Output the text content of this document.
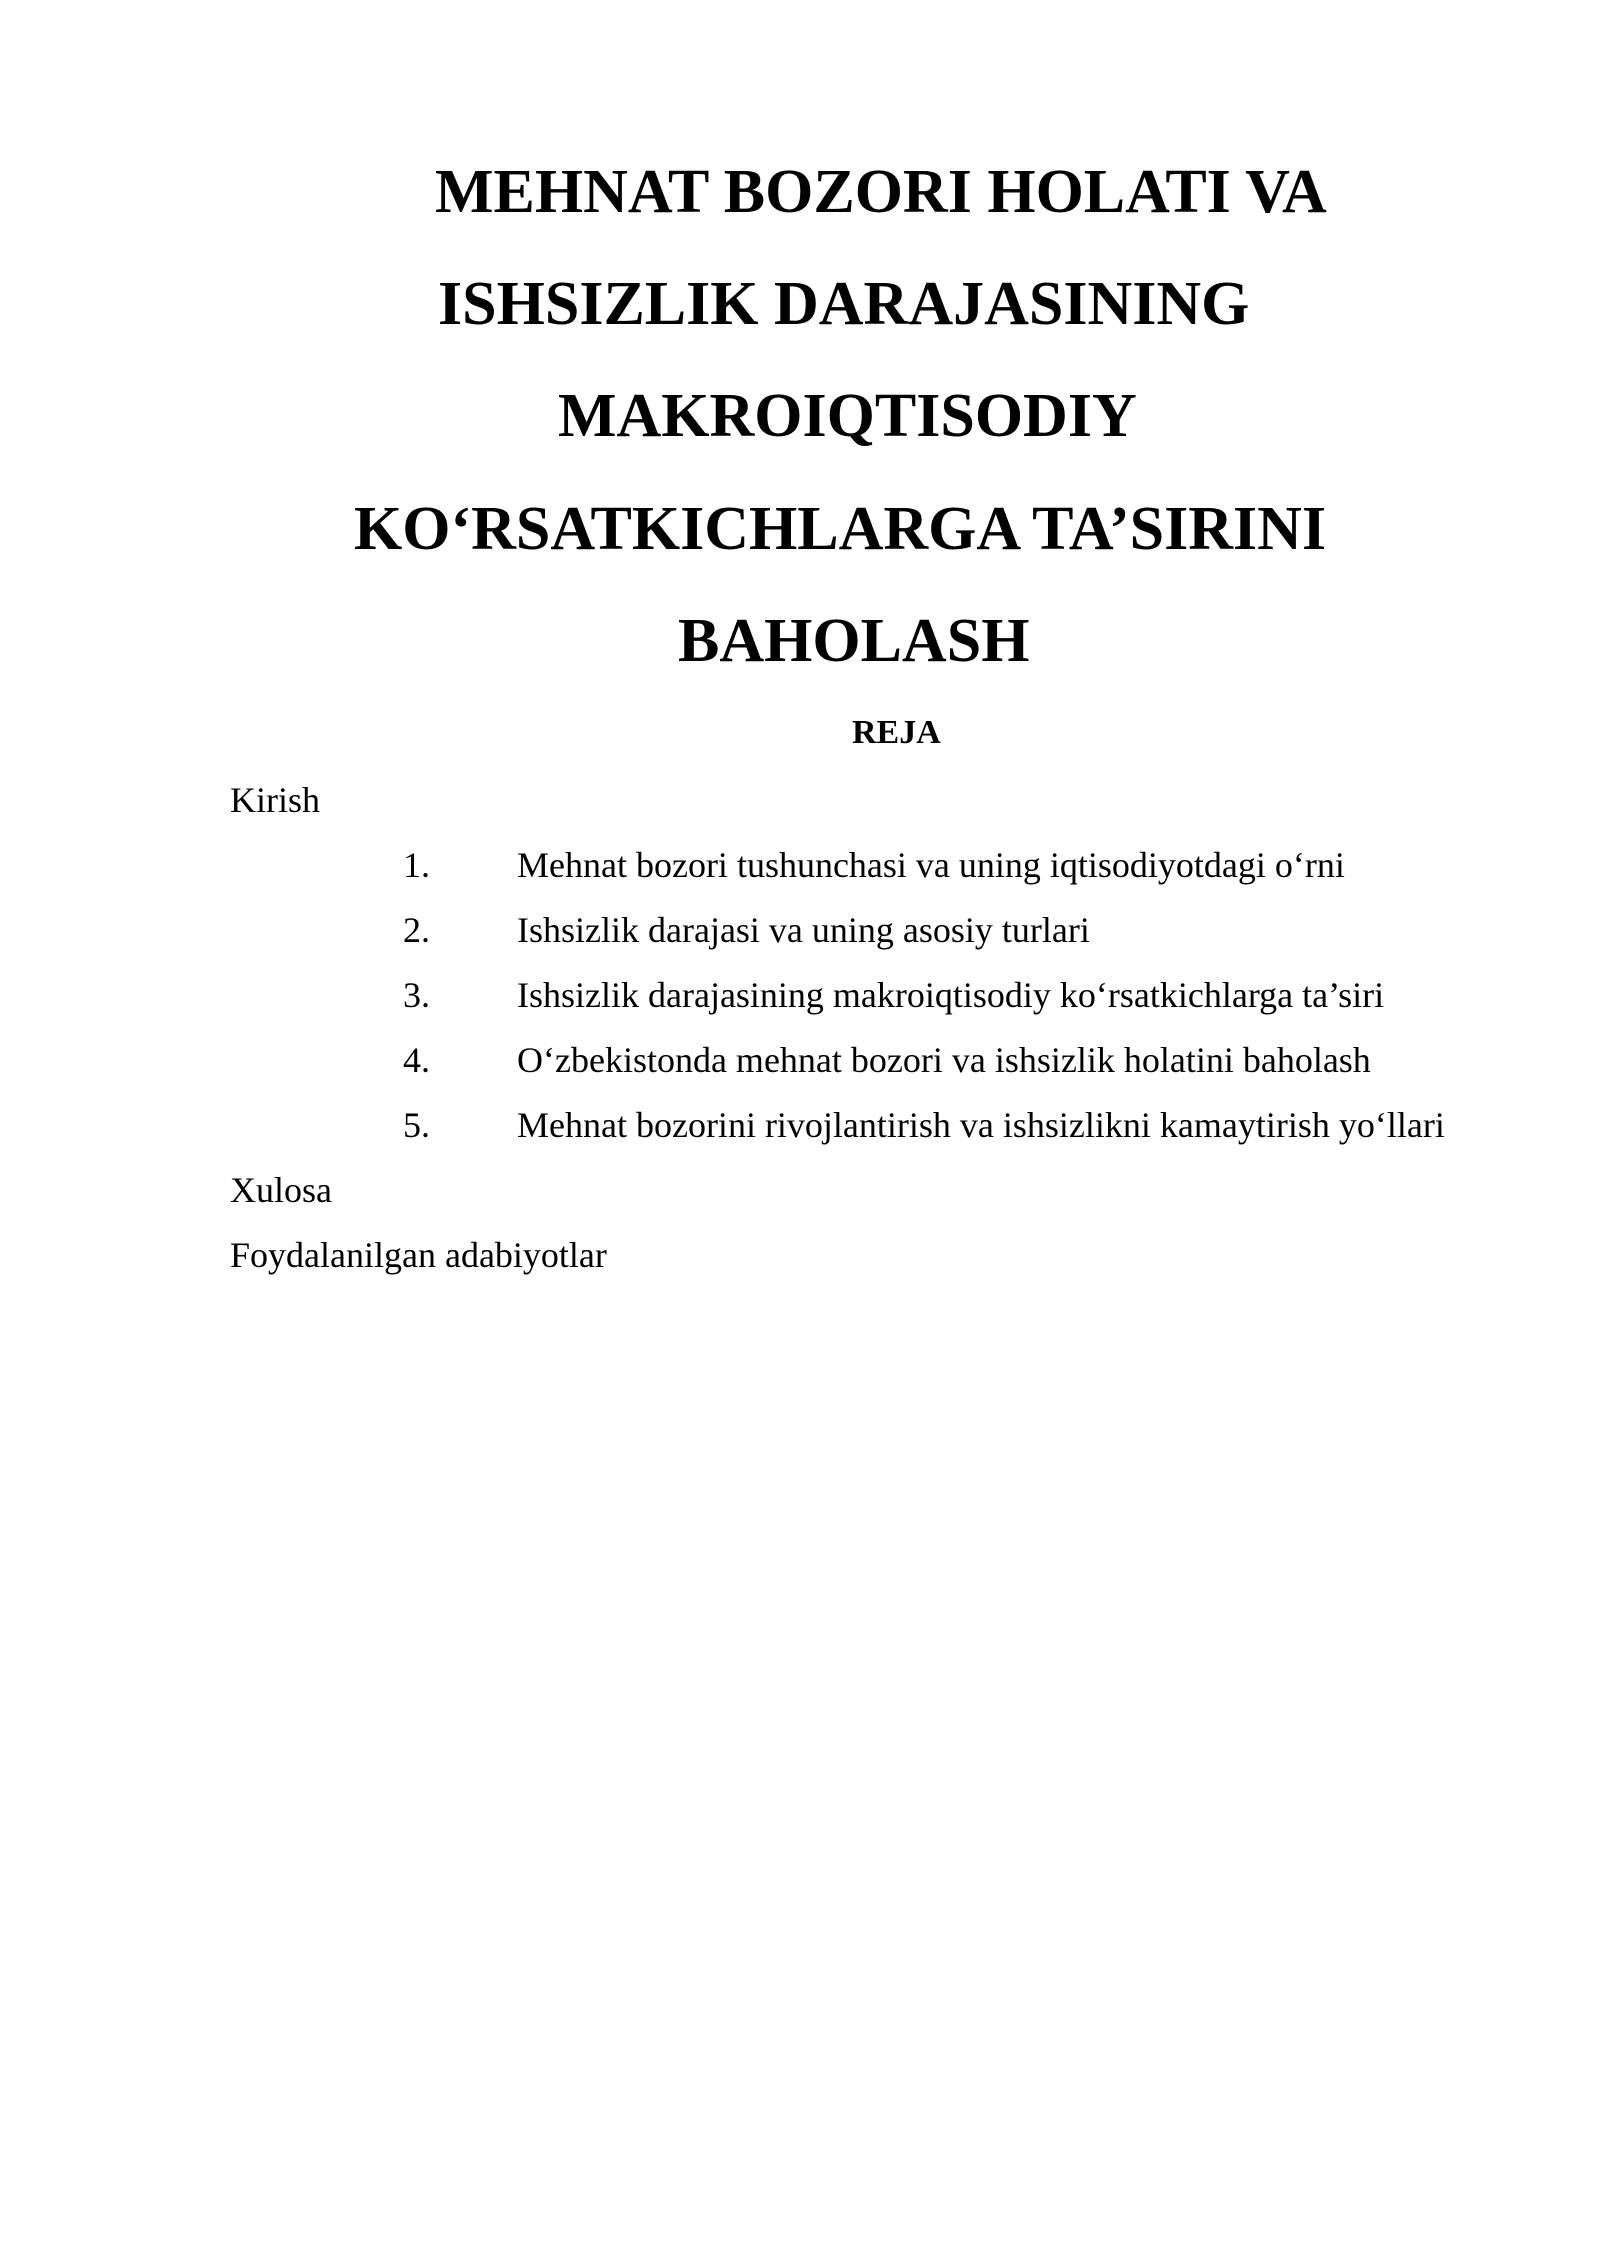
MEHNAT BOZORI HOLATI VA

ISHSIZLIK DARAJASINING

MAKROIQTISODIY

KO‘RSATKICHLARGA TA’SIRINI

BAHOLASH

REJA

Kirish

1. Mehnat bozori tushunchasi va uning iqtisodiyotdagi o‘rni
2. Ishsizlik darajasi va uning asosiy turlari
3. Ishsizlik darajasining makroiqtisodiy ko‘rsatkichlarga ta’siri
4. O‘zbekistonda mehnat bozori va ishsizlik holatini baholash
5. Mehnat bozorini rivojlantirish va ishsizlikni kamaytirish yo‘llari

Xulosa

Foydalanilgan adabiyotlar
